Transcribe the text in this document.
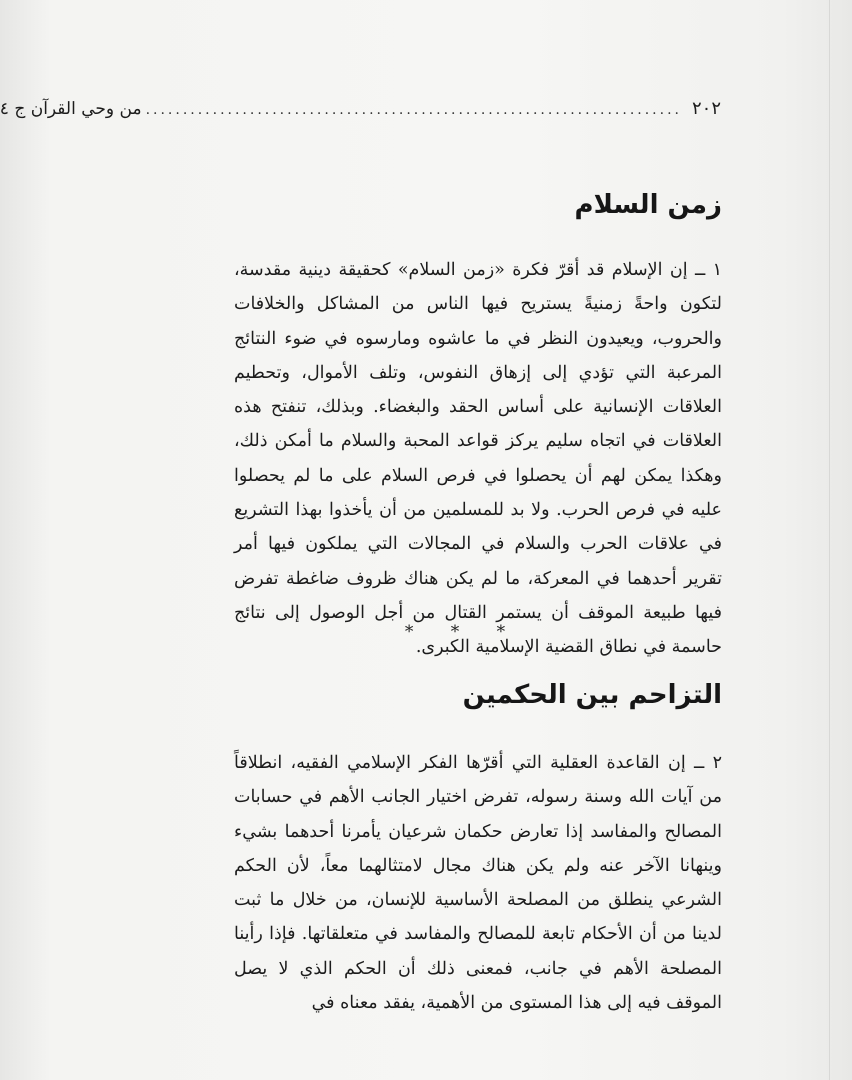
٢٠٢
........................................................................
من وحي القرآن ج ٤
زمن السلام

١ ــ إن الإسلام قد أقرّ فكرة «زمن السلام» كحقيقة دينية مقدسة، لتكون واحةً زمنيةً يستريح فيها الناس من المشاكل والخلافات والحروب، ويعيدون النظر في ما عاشوه ومارسوه في ضوء النتائج المرعبة التي تؤدي إلى إزهاق النفوس، وتلف الأموال، وتحطيم العلاقات الإنسانية على أساس الحقد والبغضاء. وبذلك، تنفتح هذه العلاقات في اتجاه سليم يركز قواعد المحبة والسلام ما أمكن ذلك، وهكذا يمكن لهم أن يحصلوا في فرص السلام على ما لم يحصلوا عليه في فرص الحرب. ولا بد للمسلمين من أن يأخذوا بهذا التشريع في علاقات الحرب والسلام في المجالات التي يملكون فيها أمر تقرير أحدهما في المعركة، ما لم يكن هناك ظروف ضاغطة تفرض فيها طبيعة الموقف أن يستمر القتال من أجل الوصول إلى نتائج حاسمة في نطاق القضية الإسلامية الكبرى.

* * *
التزاحم بين الحكمين

٢ ــ إن القاعدة العقلية التي أقرّها الفكر الإسلامي الفقيه، انطلاقاً من آيات الله وسنة رسوله، تفرض اختيار الجانب الأهم في حسابات المصالح والمفاسد إذا تعارض حكمان شرعيان يأمرنا أحدهما بشيء وينهانا الآخر عنه ولم يكن هناك مجال لامتثالهما معاً، لأن الحكم الشرعي ينطلق من المصلحة الأساسية للإنسان، من خلال ما ثبت لدينا من أن الأحكام تابعة للمصالح والمفاسد في متعلقاتها. فإذا رأينا المصلحة الأهم في جانب، فمعنى ذلك أن الحكم الذي لا يصل الموقف فيه إلى هذا المستوى من الأهمية، يفقد معناه في
